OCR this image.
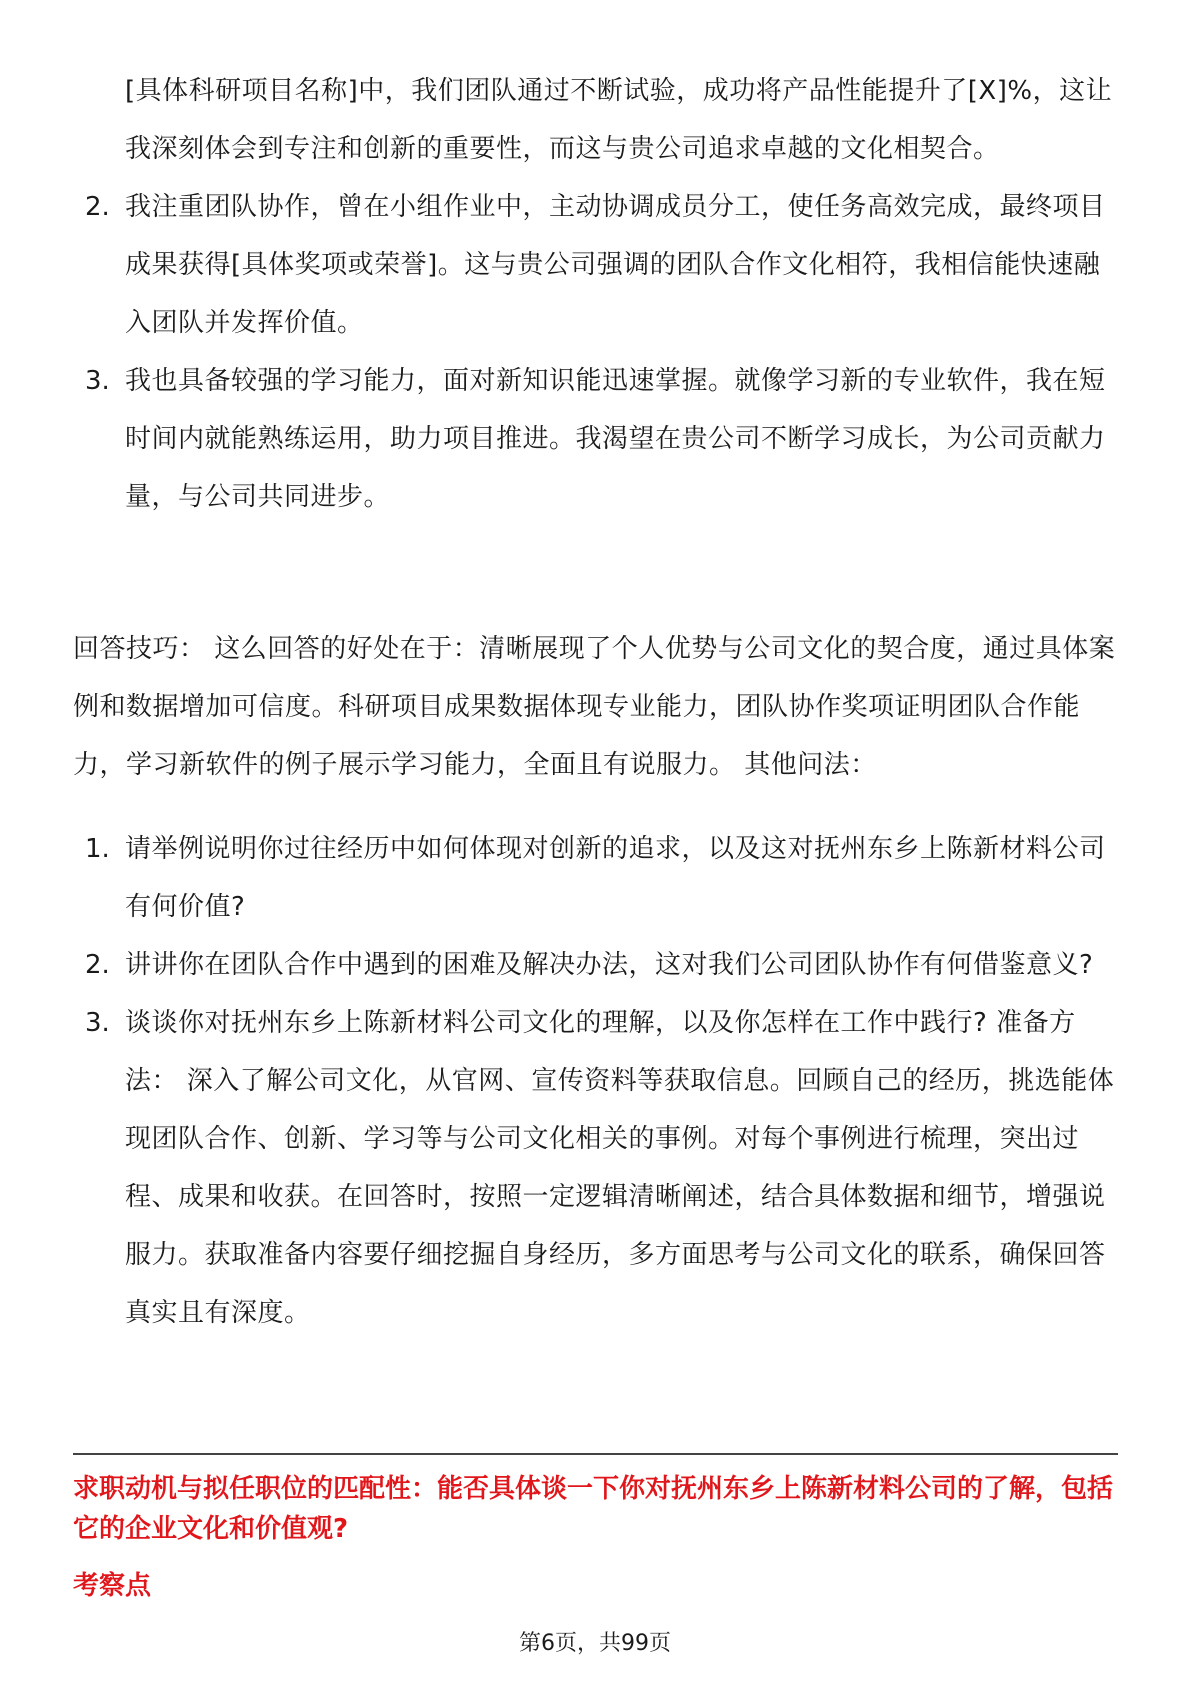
[具体科研项目名称]中，我们团队通过不断试验，成功将产品性能提升了[X]%，这让我深刻体会到专注和创新的重要性，而这与贵公司追求卓越的文化相契合。

2. 我注重团队协作，曾在小组作业中，主动协调成员分工，使任务高效完成，最终项目成果获得[具体奖项或荣誉]。这与贵公司强调的团队合作文化相符，我相信能快速融入团队并发挥价值。

3. 我也具备较强的学习能力，面对新知识能迅速掌握。就像学习新的专业软件，我在短时间内就能熟练运用，助力项目推进。我渴望在贵公司不断学习成长，为公司贡献力量，与公司共同进步。

回答技巧： 这么回答的好处在于：清晰展现了个人优势与公司文化的契合度，通过具体案例和数据增加可信度。科研项目成果数据体现专业能力，团队协作奖项证明团队合作能力，学习新软件的例子展示学习能力，全面且有说服力。 其他问法：

1. 请举例说明你过往经历中如何体现对创新的追求，以及这对抚州东乡上陈新材料公司有何价值?

2. 讲讲你在团队合作中遇到的困难及解决办法，这对我们公司团队协作有何借鉴意义?

3. 谈谈你对抚州东乡上陈新材料公司文化的理解，以及你怎样在工作中践行? 准备方法： 深入了解公司文化，从官网、宣传资料等获取信息。回顾自己的经历，挑选能体现团队合作、创新、学习等与公司文化相关的事例。对每个事例进行梳理，突出过程、成果和收获。在回答时，按照一定逻辑清晰阐述，结合具体数据和细节，增强说服力。获取准备内容要仔细挖掘自身经历，多方面思考与公司文化的联系，确保回答真实且有深度。

求职动机与拟任职位的匹配性：能否具体谈一下你对抚州东乡上陈新材料公司的了解，包括它的企业文化和价值观?
考察点
第6页，共99页
